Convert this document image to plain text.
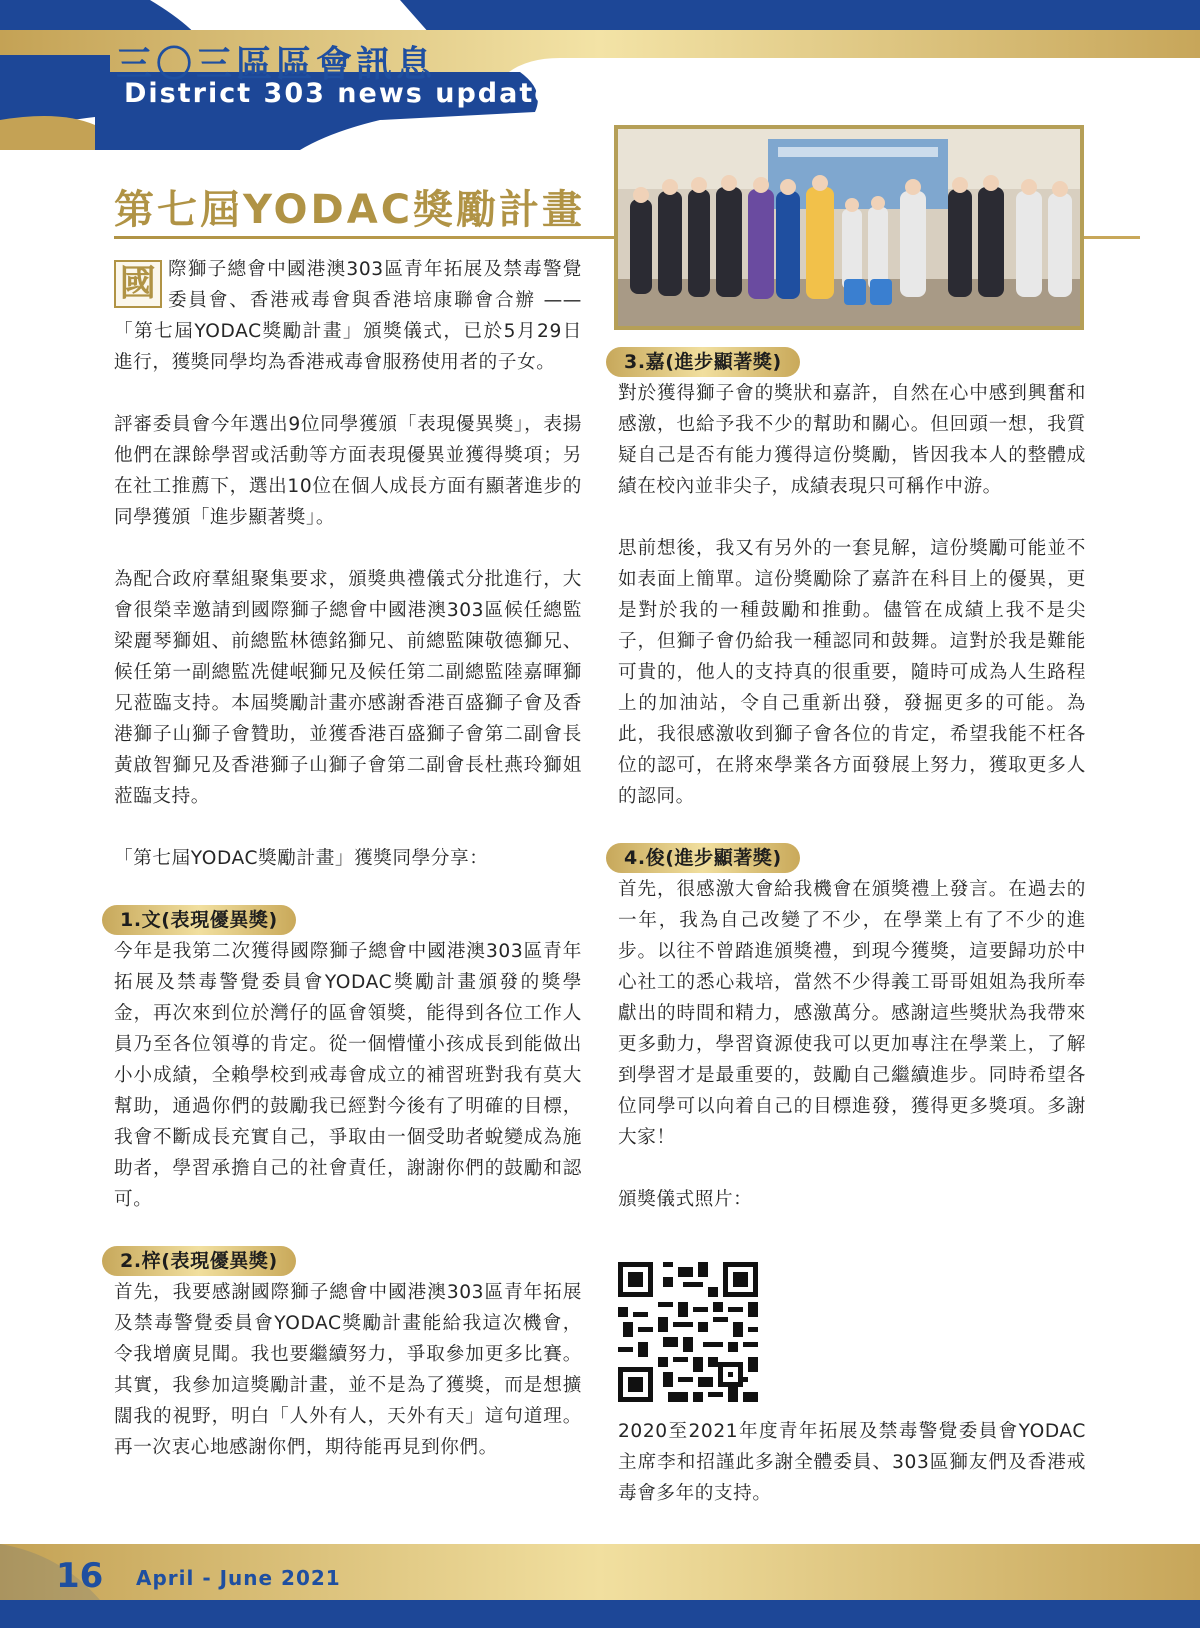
三〇三區區會訊息
District 303 news update
第七屆YODAC獎勵計畫

國 際獅子總會中國港澳303區青年拓展及禁毒警覺委員會、香港戒毒會與香港培康聯會合辦 ——「第七屆YODAC獎勵計畫」頒獎儀式，已於5月29日進行，獲獎同學均為香港戒毒會服務使用者的子女。

評審委員會今年選出9位同學獲頒「表現優異獎」，表揚他們在課餘學習或活動等方面表現優異並獲得獎項；另在社工推薦下，選出10位在個人成長方面有顯著進步的同學獲頒「進步顯著獎」。

為配合政府羣組聚集要求，頒獎典禮儀式分批進行，大會很榮幸邀請到國際獅子總會中國港澳303區候任總監梁麗琴獅姐、前總監林德銘獅兄、前總監陳敬德獅兄、候任第一副總監冼健岷獅兄及候任第二副總監陸嘉暉獅兄蒞臨支持。本屆獎勵計畫亦感謝香港百盛獅子會及香港獅子山獅子會贊助，並獲香港百盛獅子會第二副會長黃啟智獅兄及香港獅子山獅子會第二副會長杜燕玲獅姐蒞臨支持。

「第七屆YODAC獎勵計畫」獲獎同學分享：

1.文(表現優異獎)

今年是我第二次獲得國際獅子總會中國港澳303區青年拓展及禁毒警覺委員會YODAC獎勵計畫頒發的獎學金，再次來到位於灣仔的區會領獎，能得到各位工作人員乃至各位領導的肯定。從一個懵懂小孩成長到能做出小小成績，全賴學校到戒毒會成立的補習班對我有莫大幫助，通過你們的鼓勵我已經對今後有了明確的目標，我會不斷成長充實自己，爭取由一個受助者蛻變成為施助者，學習承擔自己的社會責任，謝謝你們的鼓勵和認可。

2.梓(表現優異獎)

首先，我要感謝國際獅子總會中國港澳303區青年拓展及禁毒警覺委員會YODAC獎勵計畫能給我這次機會，令我增廣見聞。我也要繼續努力，爭取參加更多比賽。其實，我參加這獎勵計畫，並不是為了獲獎，而是想擴闊我的視野，明白「人外有人，天外有天」這句道理。再一次衷心地感謝你們，期待能再見到你們。

3.嘉(進步顯著獎)

對於獲得獅子會的獎狀和嘉許，自然在心中感到興奮和感激，也給予我不少的幫助和關心。但回頭一想，我質疑自己是否有能力獲得這份獎勵，皆因我本人的整體成績在校內並非尖子，成績表現只可稱作中游。

思前想後，我又有另外的一套見解，這份獎勵可能並不如表面上簡單。這份獎勵除了嘉許在科目上的優異，更是對於我的一種鼓勵和推動。儘管在成績上我不是尖子，但獅子會仍給我一種認同和鼓舞。這對於我是難能可貴的，他人的支持真的很重要，隨時可成為人生路程上的加油站，令自己重新出發，發掘更多的可能。為此，我很感激收到獅子會各位的肯定，希望我能不枉各位的認可，在將來學業各方面發展上努力，獲取更多人的認同。

4.俊(進步顯著獎)

首先，很感激大會給我機會在頒獎禮上發言。在過去的一年，我為自己改變了不少，在學業上有了不少的進步。以往不曾踏進頒獎禮，到現今獲獎，這要歸功於中心社工的悉心栽培，當然不少得義工哥哥姐姐為我所奉獻出的時間和精力，感激萬分。感謝這些獎狀為我帶來更多動力，學習資源使我可以更加專注在學業上，了解到學習才是最重要的，鼓勵自己繼續進步。同時希望各位同學可以向着自己的目標進發，獲得更多獎項。多謝大家！

頒獎儀式照片：

2020至2021年度青年拓展及禁毒警覺委員會YODAC主席李和招謹此多謝全體委員、303區獅友們及香港戒毒會多年的支持。

16 April - June 2021
